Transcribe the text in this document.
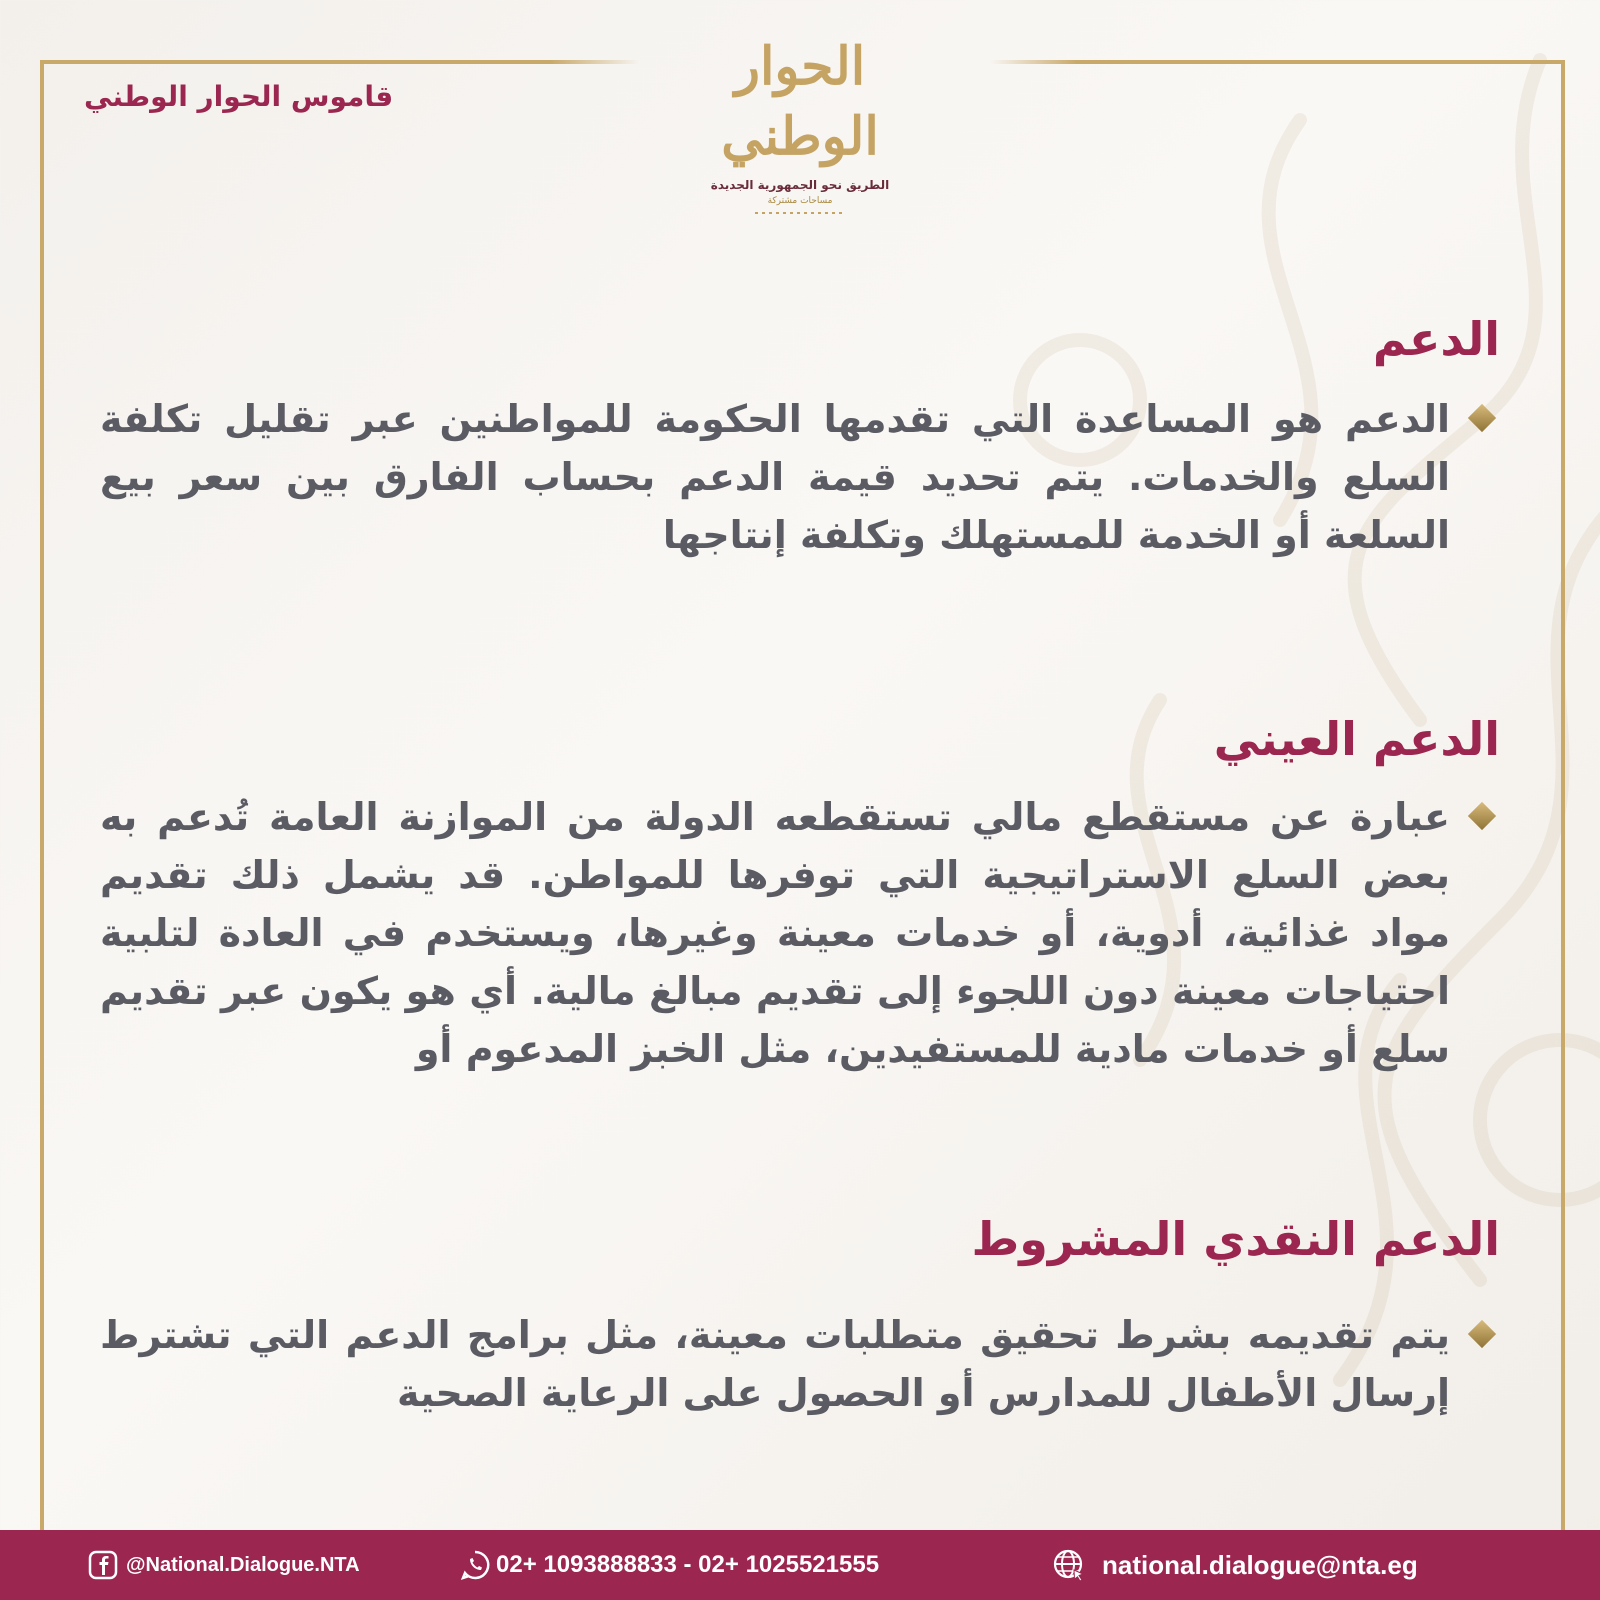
الحوار الوطني
الطريق نحو الجمهورية الجديدة
مساحات مشتركة
قاموس الحوار الوطني
الدعم

الدعم هو المساعدة التي تقدمها الحكومة للمواطنين عبر تقليل تكلفة السلع والخدمات. يتم تحديد قيمة الدعم بحساب الفارق بين سعر بيع السلعة أو الخدمة للمستهلك وتكلفة إنتاجها

الدعم العيني

عبارة عن مستقطع مالي تستقطعه الدولة من الموازنة العامة تُدعم به بعض السلع الاستراتيجية التي توفرها للمواطن. قد يشمل ذلك تقديم مواد غذائية، أدوية، أو خدمات معينة وغيرها، ويستخدم في العادة لتلبية احتياجات معينة دون اللجوء إلى تقديم مبالغ مالية. أي هو يكون عبر تقديم سلع أو خدمات مادية للمستفيدين، مثل الخبز المدعوم أو

الدعم النقدي المشروط

يتم تقديمه بشرط تحقيق متطلبات معينة، مثل برامج الدعم التي تشترط إرسال الأطفال للمدارس أو الحصول على الرعاية الصحية

@National.Dialogue.NTA	02+ 1093888833 - 02+ 1025521555	national.dialogue@nta.eg
